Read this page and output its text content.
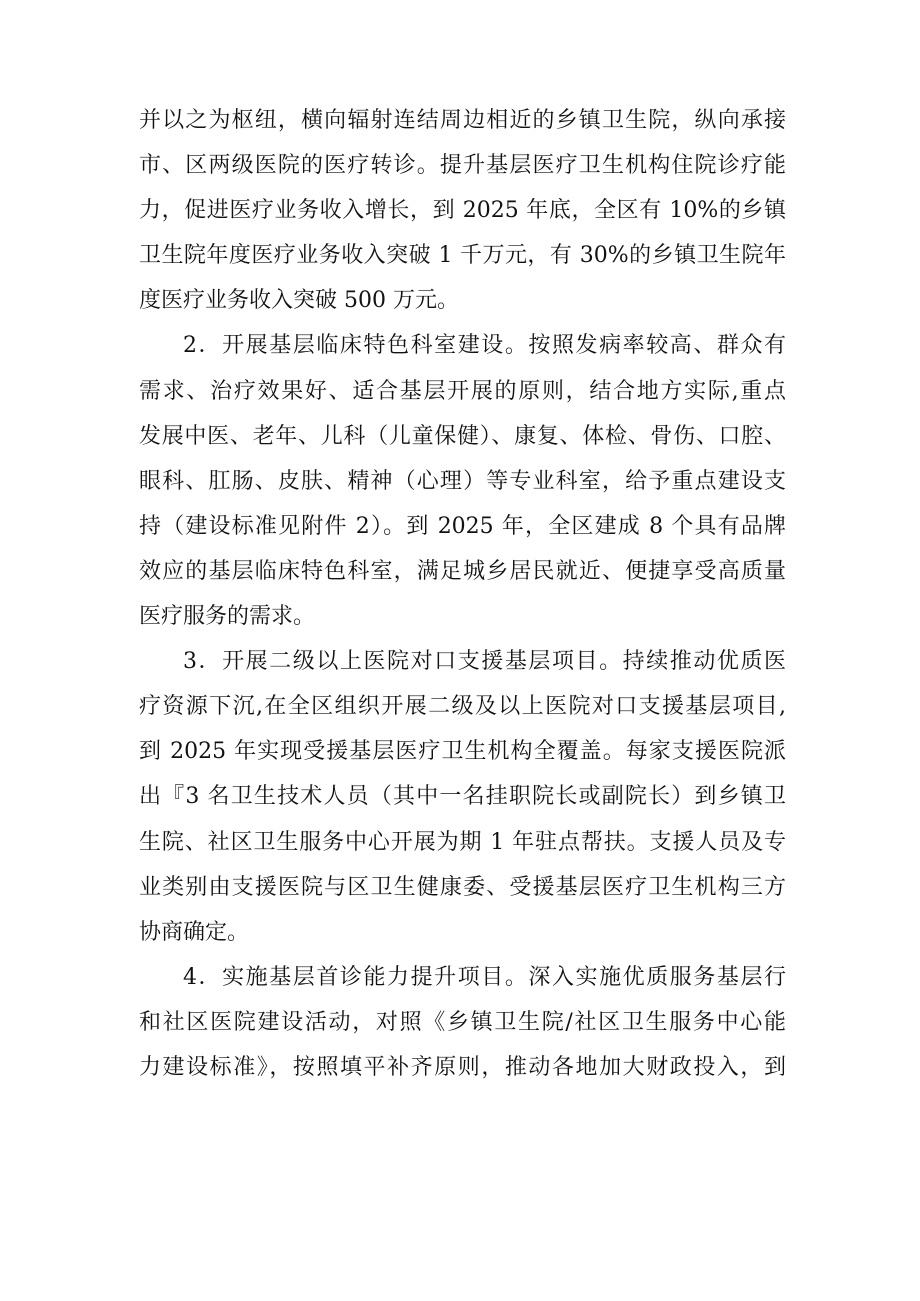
并以之为枢纽，横向辐射连结周边相近的乡镇卫生院，纵向承接
市、区两级医院的医疗转诊。提升基层医疗卫生机构住院诊疗能
力，促进医疗业务收入增长，到 2025 年底，全区有 10%的乡镇
卫生院年度医疗业务收入突破 1 千万元，有 30%的乡镇卫生院年
度医疗业务收入突破 500 万元。
2．开展基层临床特色科室建设。按照发病率较高、群众有
需求、治疗效果好、适合基层开展的原则，结合地方实际,重点
发展中医、老年、儿科（儿童保健）、康复、体检、骨伤、口腔、
眼科、肛肠、皮肤、精神（心理）等专业科室，给予重点建设支
持（建设标准见附件 2）。到 2025 年，全区建成 8 个具有品牌
效应的基层临床特色科室，满足城乡居民就近、便捷享受高质量
医疗服务的需求。
3．开展二级以上医院对口支援基层项目。持续推动优质医
疗资源下沉,在全区组织开展二级及以上医院对口支援基层项目,
到 2025 年实现受援基层医疗卫生机构全覆盖。每家支援医院派
出『3 名卫生技术人员（其中一名挂职院长或副院长）到乡镇卫
生院、社区卫生服务中心开展为期 1 年驻点帮扶。支援人员及专
业类别由支援医院与区卫生健康委、受援基层医疗卫生机构三方
协商确定。
4．实施基层首诊能力提升项目。深入实施优质服务基层行
和社区医院建设活动，对照《乡镇卫生院/社区卫生服务中心能
力建设标准》，按照填平补齐原则，推动各地加大财政投入，到
